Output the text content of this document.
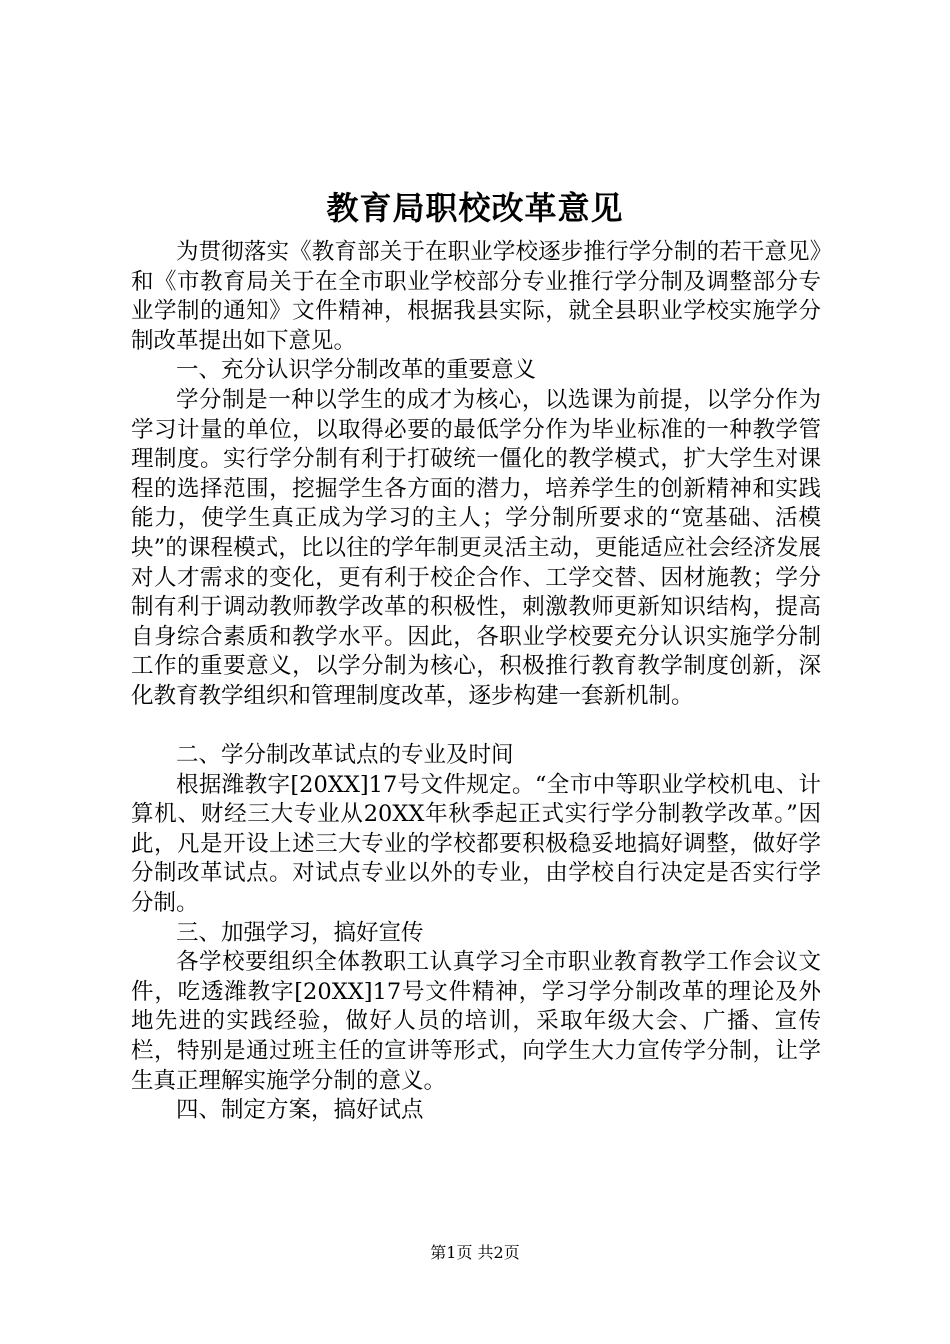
教育局职校改革意见

为贯彻落实《教育部关于在职业学校逐步推行学分制的若干意见》和《市教育局关于在全市职业学校部分专业推行学分制及调整部分专业学制的通知》文件精神，根据我县实际，就全县职业学校实施学分制改革提出如下意见。

一、充分认识学分制改革的重要意义

学分制是一种以学生的成才为核心，以选课为前提，以学分作为学习计量的单位，以取得必要的最低学分作为毕业标准的一种教学管理制度。实行学分制有利于打破统一僵化的教学模式，扩大学生对课程的选择范围，挖掘学生各方面的潜力，培养学生的创新精神和实践能力，使学生真正成为学习的主人；学分制所要求的“宽基础、活模块”的课程模式，比以往的学年制更灵活主动，更能适应社会经济发展对人才需求的变化，更有利于校企合作、工学交替、因材施教；学分制有利于调动教师教学改革的积极性，刺激教师更新知识结构，提高自身综合素质和教学水平。因此，各职业学校要充分认识实施学分制工作的重要意义，以学分制为核心，积极推行教育教学制度创新，深化教育教学组织和管理制度改革，逐步构建一套新机制。

二、学分制改革试点的专业及时间

根据潍教字[20XX]17号文件规定。“全市中等职业学校机电、计算机、财经三大专业从20XX年秋季起正式实行学分制教学改革。”因此，凡是开设上述三大专业的学校都要积极稳妥地搞好调整，做好学分制改革试点。对试点专业以外的专业，由学校自行决定是否实行学分制。

三、加强学习，搞好宣传

各学校要组织全体教职工认真学习全市职业教育教学工作会议文件，吃透潍教字[20XX]17号文件精神，学习学分制改革的理论及外地先进的实践经验，做好人员的培训，采取年级大会、广播、宣传栏，特别是通过班主任的宣讲等形式，向学生大力宣传学分制，让学生真正理解实施学分制的意义。

四、制定方案，搞好试点

第1页 共2页
